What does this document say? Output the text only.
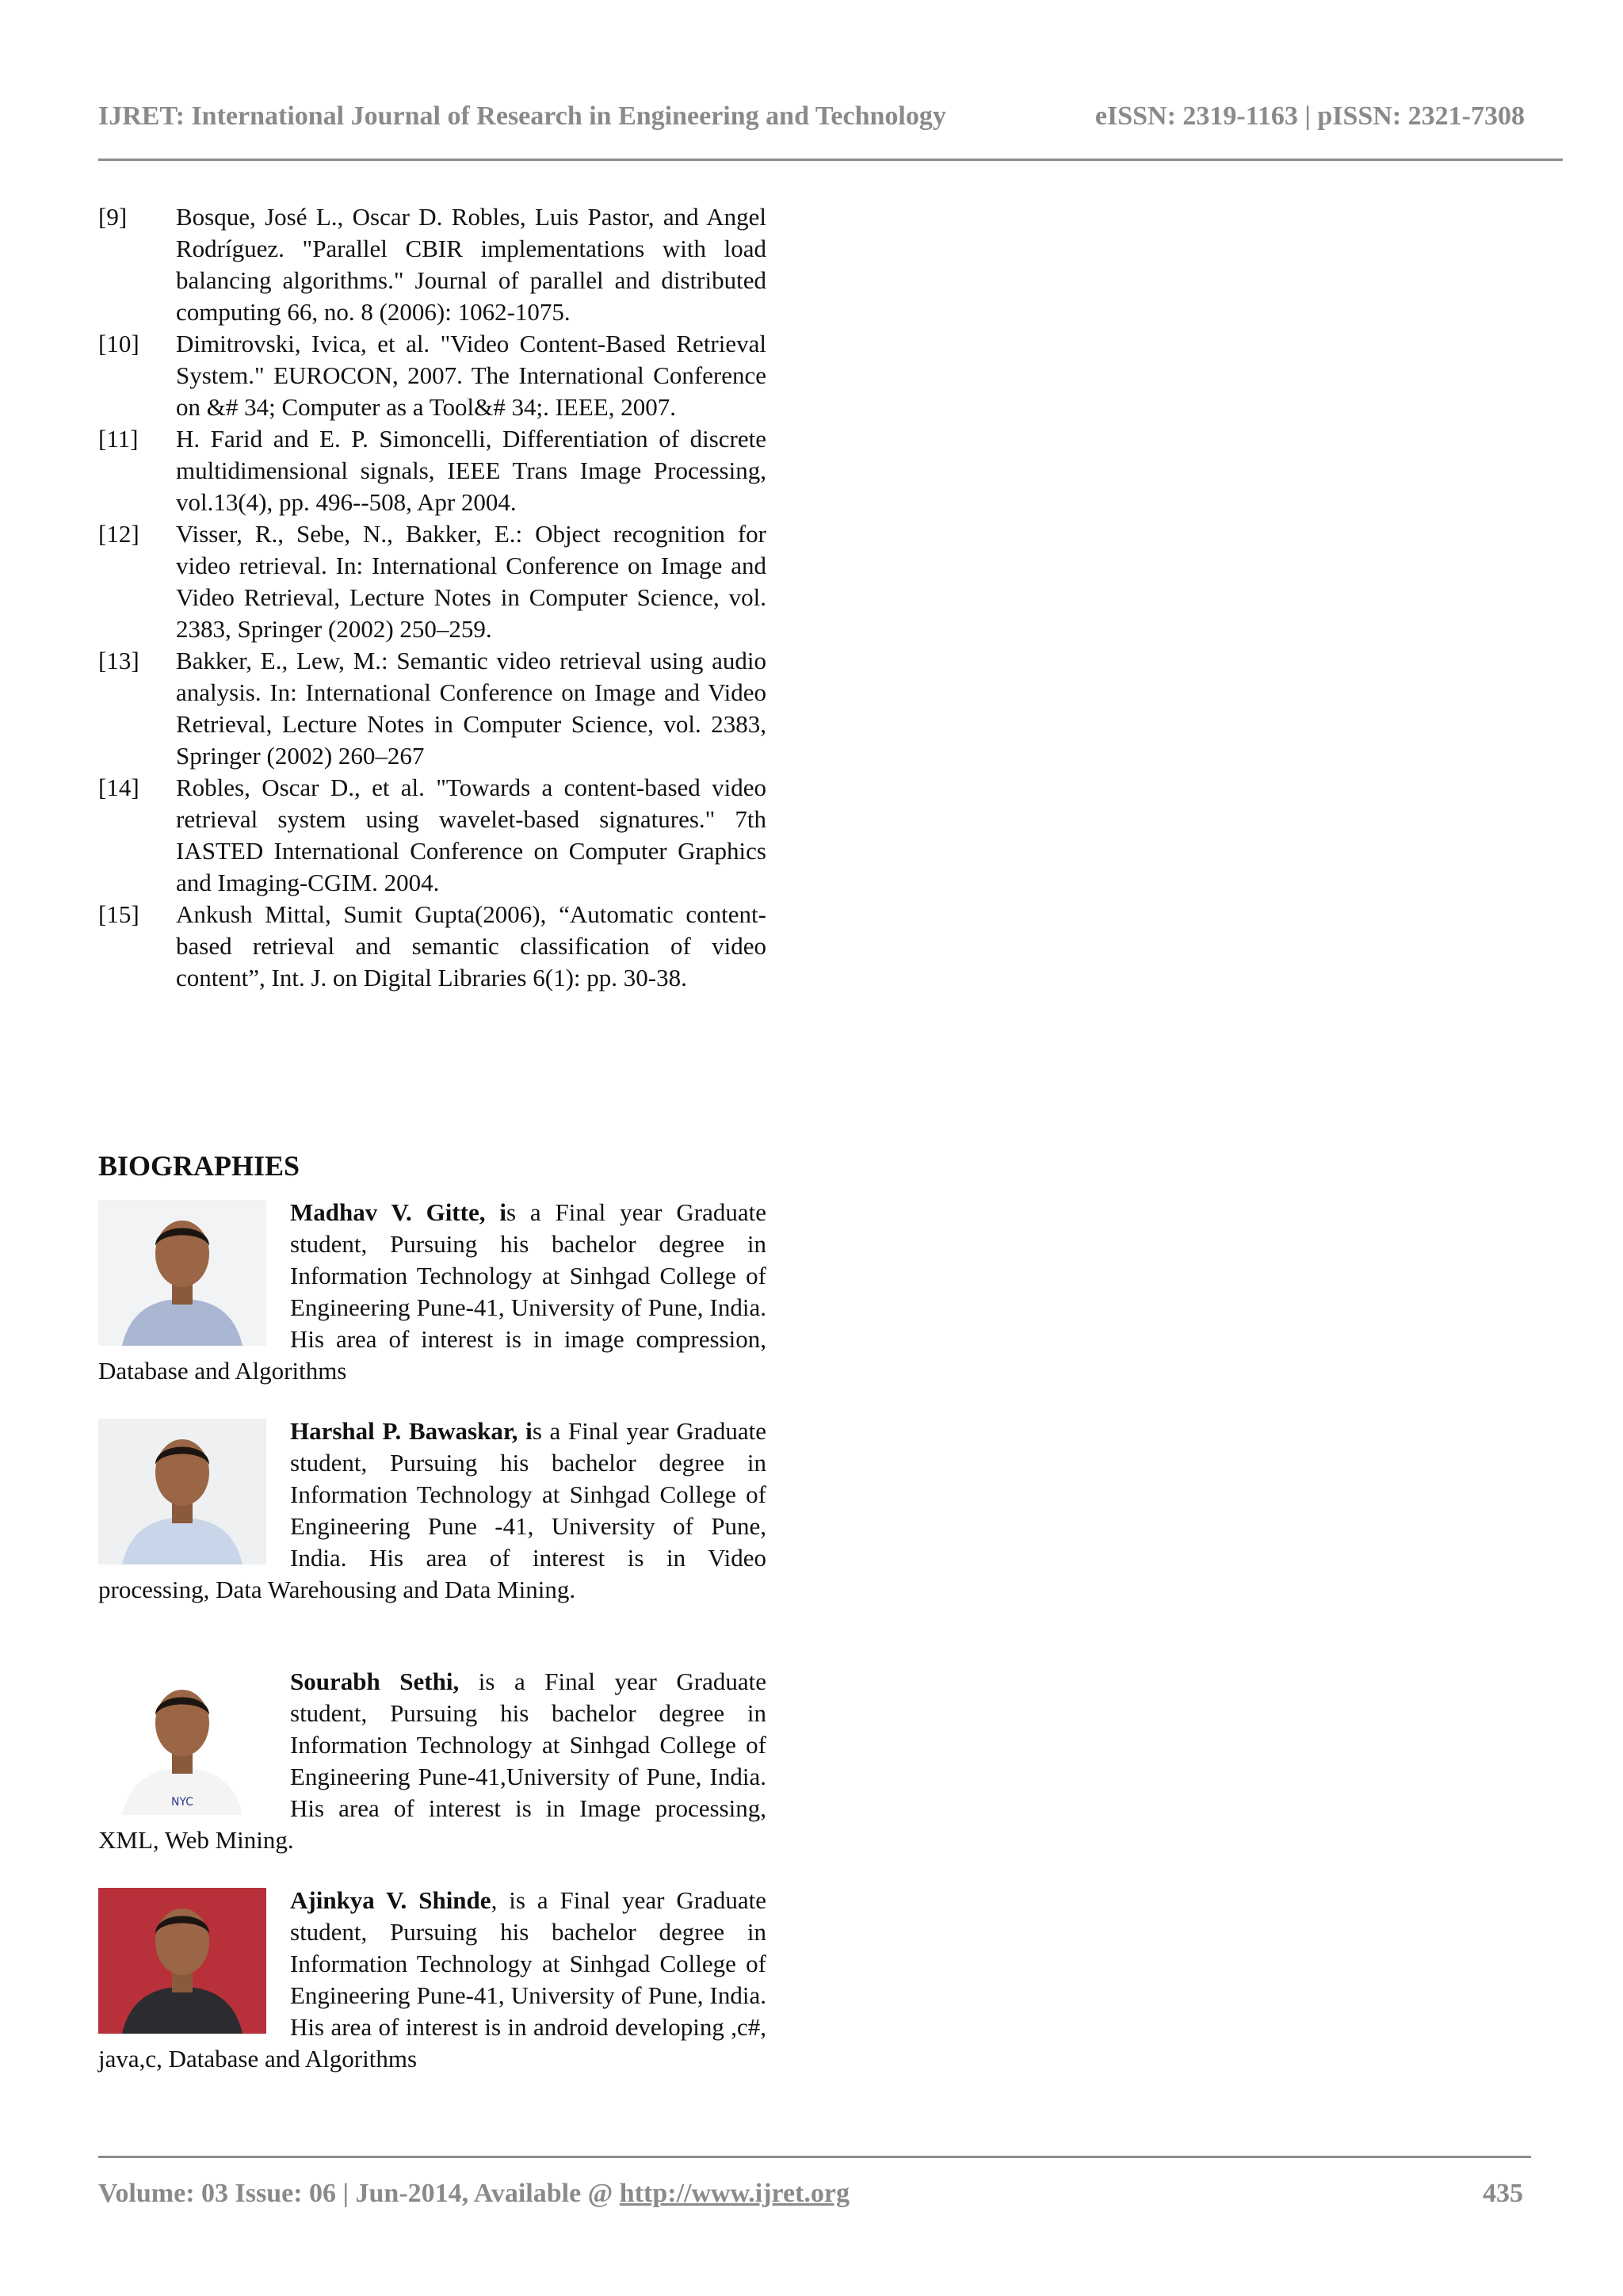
IJRET: International Journal of Research in Engineering and Technology	eISSN: 2319-1163 | pISSN: 2321-7308
[9]	Bosque, José L., Oscar D. Robles, Luis Pastor, and Angel Rodríguez. "Parallel CBIR implementations with load balancing algorithms." Journal of parallel and distributed computing 66, no. 8 (2006): 1062-1075.
[10]	Dimitrovski, Ivica, et al. "Video Content-Based Retrieval System." EUROCON, 2007. The International Conference on &# 34; Computer as a Tool&# 34;. IEEE, 2007.
[11]	H. Farid and E. P. Simoncelli, Differentiation of discrete multidimensional signals, IEEE Trans Image Processing, vol.13(4), pp. 496--508, Apr 2004.
[12]	Visser, R., Sebe, N., Bakker, E.: Object recognition for video retrieval. In: International Conference on Image and Video Retrieval, Lecture Notes in Computer Science, vol. 2383, Springer (2002) 250–259.
[13]	Bakker, E., Lew, M.: Semantic video retrieval using audio analysis. In: International Conference on Image and Video Retrieval, Lecture Notes in Computer Science, vol. 2383, Springer (2002) 260–267
[14]	Robles, Oscar D., et al. "Towards a content-based video retrieval system using wavelet-based signatures." 7th IASTED International Conference on Computer Graphics and Imaging-CGIM. 2004.
[15]	Ankush Mittal, Sumit Gupta(2006), “Automatic content-based retrieval and semantic classification of video content”, Int. J. on Digital Libraries 6(1): pp. 30-38.
BIOGRAPHIES
Madhav V. Gitte, is a Final year Graduate student, Pursuing his bachelor degree in Information Technology at Sinhgad College of Engineering Pune-41, University of Pune, India. His area of interest is in image compression, Database and Algorithms
Harshal P. Bawaskar, is a Final year Graduate student, Pursuing his bachelor degree in Information Technology at Sinhgad College of Engineering Pune -41, University of Pune, India. His area of interest is in Video processing, Data Warehousing and Data Mining.
NYC
Sourabh Sethi, is a Final year Graduate student, Pursuing his bachelor degree in Information Technology at Sinhgad College of Engineering Pune-41,University of Pune, India. His area of interest is in Image processing, XML, Web Mining.
Ajinkya V. Shinde, is a Final year Graduate student, Pursuing his bachelor degree in Information Technology at Sinhgad College of Engineering Pune-41, University of Pune, India. His area of interest is in android developing ,c#, java,c, Database and Algorithms
Volume: 03 Issue: 06 | Jun-2014, Available @ http://www.ijret.org	435
